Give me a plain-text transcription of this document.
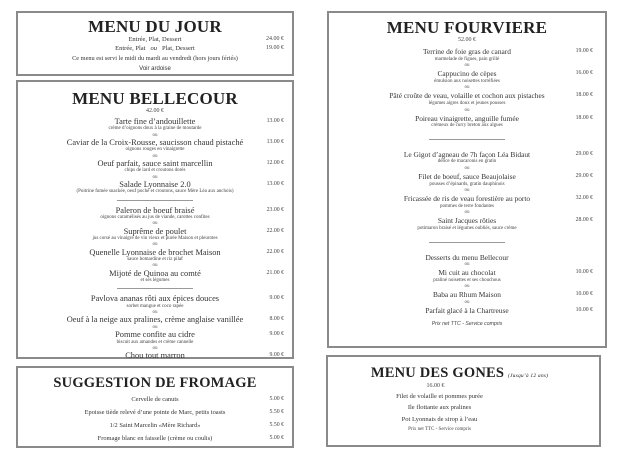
MENU DU JOUR
Entrée, Plat, Dessert	24.00 €
Entrée, Plat ou Plat, Dessert	19.00 €
Ce menu est servi le midi du mardi au vendredi (hors jours fériés)
Voir ardoise
MENU BELLECOUR
42.00 €
Tarte fine d’andouillette	13.00 €
crème d’oignons doux à la graine de moutarde
ou
Caviar de la Croix-Rousse, saucisson chaud pistaché	13.00 €
oignons rouges en vinaigrette
ou
Oeuf parfait, sauce saint marcellin	12.00 €
chips de lard et croutons dorés
ou
Salade Lyonnaise 2.0	13.00 €
(Poitrine fumée snackée, oeuf poché et croutons, sauce Mère Léa aux anchois)
Paleron de boeuf braisé	23.00 €
oignons caramélisés au jus de viande, carottes confites
ou
Suprême de poulet	22.00 €
jus corsé au vinaigre de vin vieux et purée Maison et pleurotes
ou
Quenelle Lyonnaise de brochet Maison	22.00 €
sauce homardine et riz pilaf
ou
Mijoté de Quinoa au comté	21.00 €
et ses légumes
Pavlova ananas rôti aux épices douces	9.00 €
sorbet mangue et coco rapée
ou
Oeuf à la neige aux pralines, crème anglaise vanillée	8.00 €
ou
Pomme confite au cidre	9.00 €
biscuit aux amandes et crème cannelle
ou
Chou tout marron	9.00 €
SUGGESTION DE FROMAGE
Cervelle de canuts	5.00 €
Epoisse tiède relevé d’une pointe de Marc, petits toasts	5.50 €
1/2 Saint Marcelin «Mère Richard»	5.50 €
Fromage blanc en faisselle (crème ou coulis)	5.00 €
MENU FOURVIERE
52.00 €
Terrine de foie gras de canard	19.00 €
marmelade de figues, pain grillé
ou
Cappucino de cèpes	16.00 €
émulsion aux noisettes torréfiées
ou
Pâté croûte de veau, volaille et cochon aux pistaches	18.00 €
légumes aigres doux et jeunes pousses
ou
Poireau vinaigrette, anguille fumée	18.00 €
crémeux de curry breton aux algues
Le Gigot d’agneau de 7h façon Léa Bidaut	29.00 €
délice de macaronis en gratin
ou
Filet de boeuf, sauce Beaujolaise	29.00 €
pousses d’épinards, gratin dauphinois
ou
Fricassée de ris de veau forestière au porto	32.00 €
pommes de terre fondantes
ou
Saint Jacques rôties	28.00 €
potimaron braisé et légumes oubliés, sauce crème
Desserts du menu Bellecour
ou
Mi cuit au chocolat	10.00 €
praliné noisettes et ses chouchous
ou
Baba au Rhum Maison	10.00 €
ou
Parfait glacé à la Chartreuse	10.00 €
Prix net TTC - Service compris
MENU DES GONES (Jusqu’à 12 ans)
16.00 €
Filet de volaille et pommes purée
Ile flottante aux pralines
Pot Lyonnais de sirop à l’eau
Prix net TTC - Service compris
